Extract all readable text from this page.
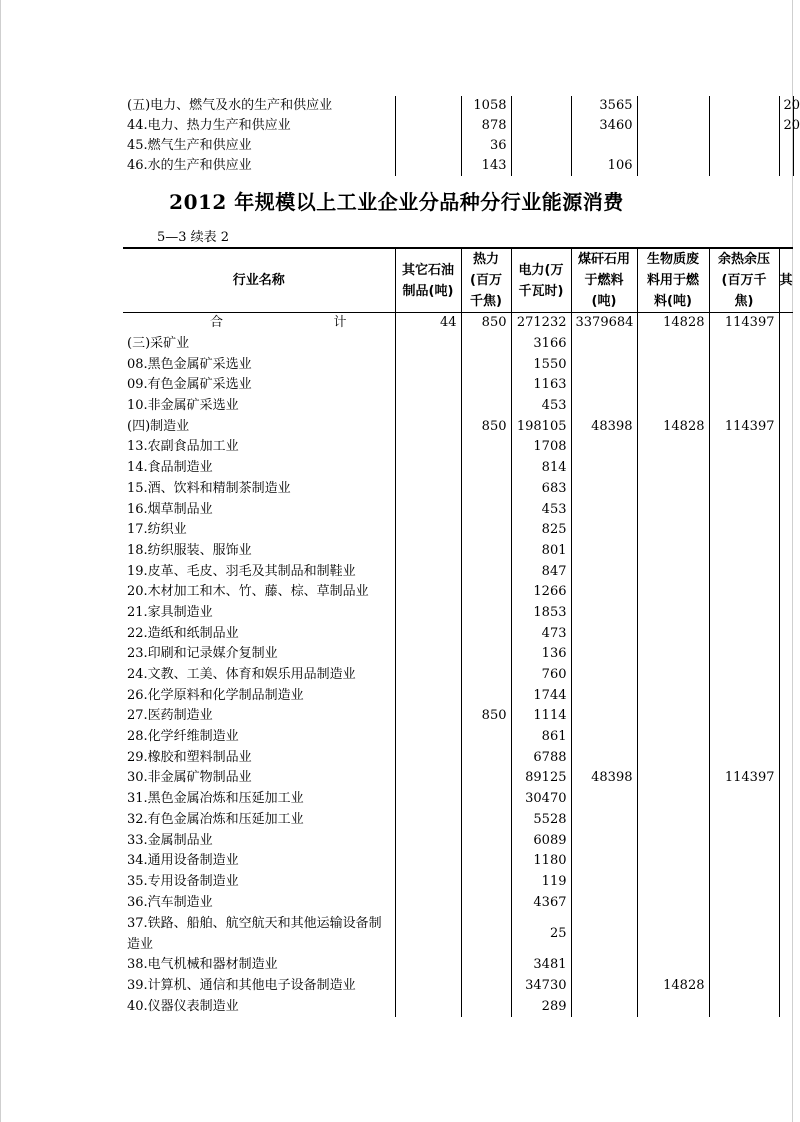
(五)电力、燃气及水的生产和供应业		1058		3565			20	
44.电力、热力生产和供应业		878		3460			20	
45.燃气生产和供应业		36						
46.水的生产和供应业		143		106				
2012 年规模以上工业企业分品种分行业能源消费
5—3 续表 2
行业名称	其它石油制品(吨)	热力(百万千焦)	电力(万千瓦时)	煤矸石用于燃料(吨)	生物质废料用于燃料(吨)	余热余压(百万千焦)	其
合　　计	44	850	271232	3379684	14828	114397	
(三)采矿业			3166				
08.黑色金属矿采选业			1550				
09.有色金属矿采选业			1163				
10.非金属矿采选业			453				
(四)制造业		850	198105	48398	14828	114397	
13.农副食品加工业			1708				
14.食品制造业			814				
15.酒、饮料和精制茶制造业			683				
16.烟草制品业			453				
17.纺织业			825				
18.纺织服装、服饰业			801				
19.皮革、毛皮、羽毛及其制品和制鞋业			847				
20.木材加工和木、竹、藤、棕、草制品业			1266				
21.家具制造业			1853				
22.造纸和纸制品业			473				
23.印刷和记录媒介复制业			136				
24.文教、工美、体育和娱乐用品制造业			760				
26.化学原料和化学制品制造业			1744				
27.医药制造业		850	1114				
28.化学纤维制造业			861				
29.橡胶和塑料制品业			6788				
30.非金属矿物制品业			89125	48398		114397	
31.黑色金属冶炼和压延加工业			30470				
32.有色金属冶炼和压延加工业			5528				
33.金属制品业			6089				
34.通用设备制造业			1180				
35.专用设备制造业			119				
36.汽车制造业			4367				
37.铁路、船舶、航空航天和其他运输设备制造业			25				
38.电气机械和器材制造业			3481				
39.计算机、通信和其他电子设备制造业			34730		14828		
40.仪器仪表制造业			289				
